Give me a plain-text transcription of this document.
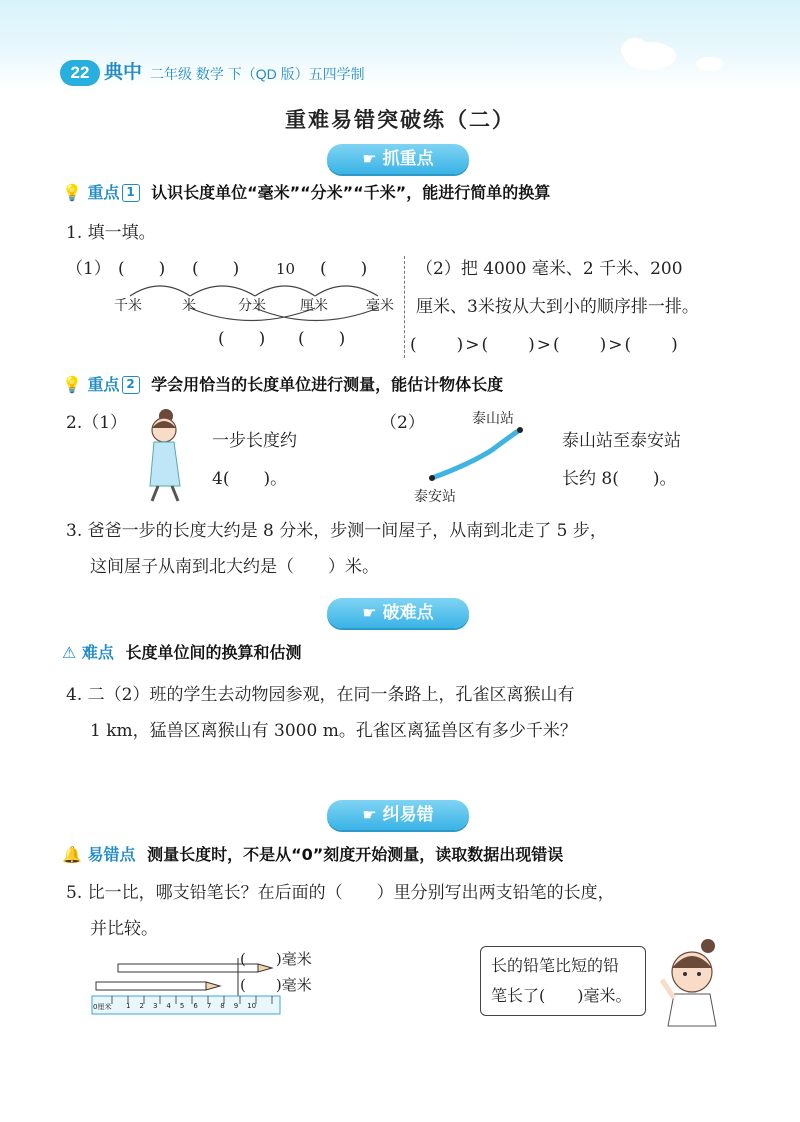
22 典中 二年级 数学 下（QD 版）五四学制
重难易错突破练（二）
☛ 抓重点
💡 重点 1 认识长度单位“毫米”“分米”“千米”，能进行简单的换算
1. 填一填。
（1） (　　) (　　) 10 (　　)
千米	米	分米 厘米	毫米
(　　) (　　)
（2）把 4000 毫米、2 千米、200
厘米、3米按从大到小的顺序排一排。
(　　)>(　　)>(　　)>(　　)
💡 重点 2 学会用恰当的长度单位进行测量，能估计物体长度
2.（1）
一步长度约
4(　　)。
（2）	泰山站
泰安站
泰山站至泰安站
长约 8(　　)。
3. 爸爸一步的长度大约是 8 分米，步测一间屋子，从南到北走了 5 步，
这间屋子从南到北大约是（　　）米。
☛ 破难点
⚠ 难点 长度单位间的换算和估测
4. 二（2）班的学生去动物园参观，在同一条路上，孔雀区离猴山有
1 km，猛兽区离猴山有 3000 m。孔雀区离猛兽区有多少千米？
☛ 纠易错
🔔 易错点 测量长度时，不是从“0”刻度开始测量，读取数据出现错误
5. 比一比，哪支铅笔长？在后面的（　　）里分别写出两支铅笔的长度，
并比较。
0厘米 1 2 3 4 5 6 7 8 9 10
(　　)毫米
(　　)毫米
长的铅笔比短的铅
笔长了(　　)毫米。
